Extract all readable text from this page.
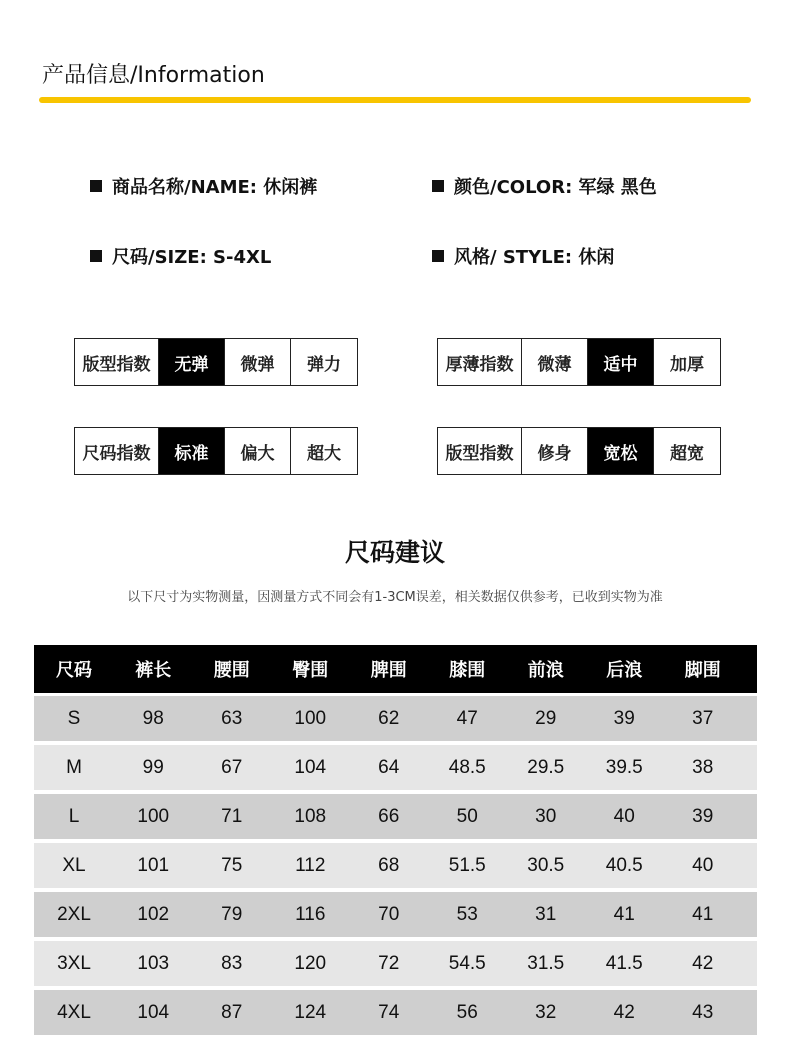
产品信息/Information
商品名称/NAME: 休闲裤	颜色/COLOR: 军绿 黑色
尺码/SIZE: S-4XL	风格/ STYLE: 休闲
版型指数	无弹	微弹	弹力	厚薄指数	微薄	适中	加厚
尺码指数	标准	偏大	超大	版型指数	修身	宽松	超宽
尺码建议
以下尺寸为实物测量，因测量方式不同会有1-3CM误差，相关数据仅供参考，已收到实物为准
尺码	裤长	腰围	臀围	脾围	膝围	前浪	后浪	脚围
S	98	63	100	62	47	29	39	37
M	99	67	104	64	48.5	29.5	39.5	38
L	100	71	108	66	50	30	40	39
XL	101	75	112	68	51.5	30.5	40.5	40
2XL	102	79	116	70	53	31	41	41
3XL	103	83	120	72	54.5	31.5	41.5	42
4XL	104	87	124	74	56	32	42	43
